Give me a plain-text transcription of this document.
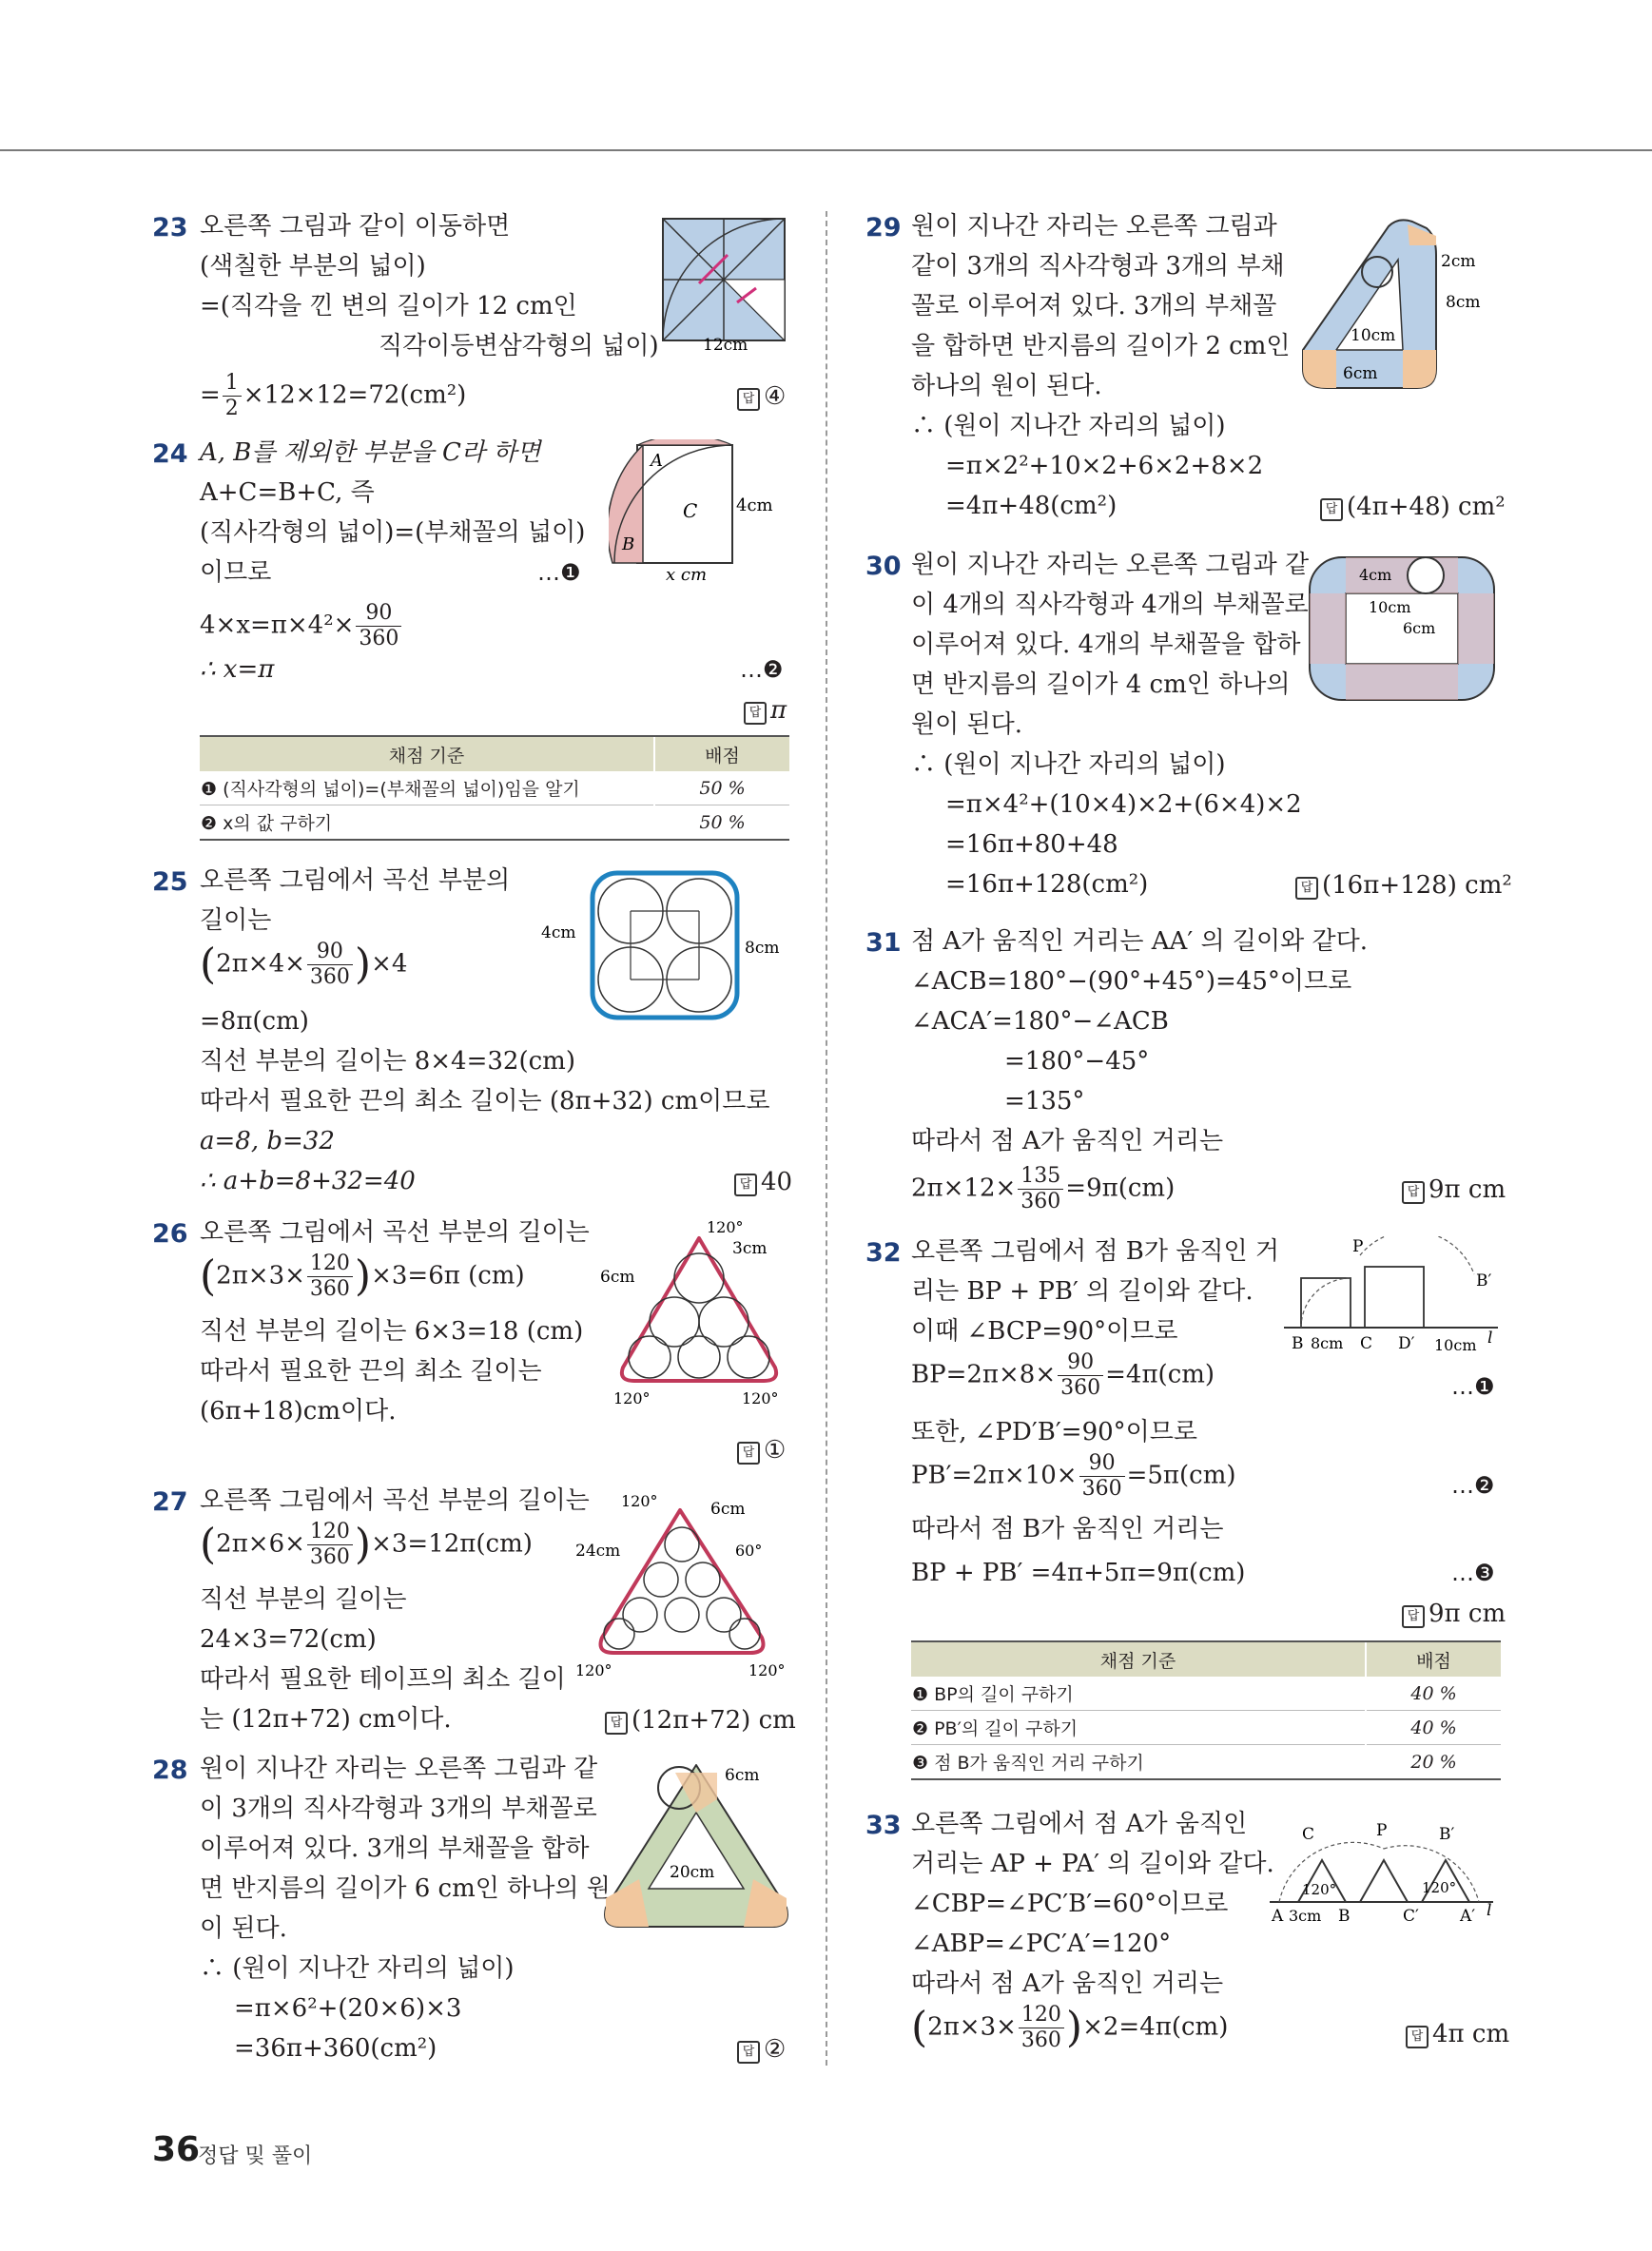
23 오른쪽 그림과 같이 이동하면
(색칠한 부분의 넓이)
=(직각을 낀 변의 길이가 12 cm인
직각이등변삼각형의 넓이)
= $\frac{1}{2} \times 12\times 12=72(cm^2)$	답 ④
12cm
24 A, B를 제외한 부분을 C라 하면
A+C=B+C, 즉
(직사각형의 넓이)=(부채꼴의 넓이)
이므로	…❶
$4\times x=\pi\times 4^2\times \frac{90}{360}$
∴ x=π	…❷
답 π
A
B
C 4cm
x cm
채점 기준	배점
❶ (직사각형의 넓이)=(부채꼴의 넓이)임을 알기	50 %
❷ x의 값 구하기	50 %
25 오른쪽 그림에서 곡선 부분의
길이는
$(2\pi\times 4\times \frac{90}{360} )\times 4$
=8π(cm)
직선 부분의 길이는 8×4=32(cm)
따라서 필요한 끈의 최소 길이는 (8π+32) cm이므로
a=8, b=32
∴ a+b=8+32=40	답 40
4cm
8cm
26 오른쪽 그림에서 곡선 부분의 길이는
$(2\pi\times 3\times \frac{120}{360} )\times 3=6\pi$ (cm)
직선 부분의 길이는 6×3=18 (cm)
따라서 필요한 끈의 최소 길이는
(6π+18)cm이다.
답 ①
120°
3cm
6cm
120°	120°
27 오른쪽 그림에서 곡선 부분의 길이는
$(2\pi\times 6\times \frac{120}{360} )\times 3=12\pi(cm)$
직선 부분의 길이는
24×3=72(cm)
따라서 필요한 테이프의 최소 길이
는 (12π+72) cm이다.	답 (12π+72) cm
120°	6cm
24cm	60°
120°	120°
28 원이 지나간 자리는 오른쪽 그림과 같
이 3개의 직사각형과 3개의 부채꼴로
이루어져 있다. 3개의 부채꼴을 합하
면 반지름의 길이가 6 cm인 하나의 원
이 된다.
∴ (원이 지나간 자리의 넓이)
=π×6²+(20×6)×3
=36π+360(cm²)	답 ②
6cm
20cm
29 원이 지나간 자리는 오른쪽 그림과
같이 3개의 직사각형과 3개의 부채
꼴로 이루어져 있다. 3개의 부채꼴
을 합하면 반지름의 길이가 2 cm인
하나의 원이 된다.
∴ (원이 지나간 자리의 넓이)
=π×2²+10×2+6×2+8×2
=4π+48(cm²)	답 (4π+48) cm²
2cm
8cm
10cm
6cm
30 원이 지나간 자리는 오른쪽 그림과 같
이 4개의 직사각형과 4개의 부채꼴로
이루어져 있다. 4개의 부채꼴을 합하
면 반지름의 길이가 4 cm인 하나의
원이 된다.
∴ (원이 지나간 자리의 넓이)
=π×4²+(10×4)×2+(6×4)×2
=16π+80+48
=16π+128(cm²)	답 (16π+128) cm²
4cm
10cm
6cm
31 점 A가 움직인 거리는 AA′ 의 길이와 같다.
∠ACB=180°−(90°+45°)=45°이므로
∠ACA′=180°−∠ACB
=180°−45°
=135°
따라서 점 A가 움직인 거리는
$2\pi\times 12\times \frac{135}{360} =9\pi(cm)$	답 9π cm
32 오른쪽 그림에서 점 B가 움직인 거
리는 BP + PB′ 의 길이와 같다.
이때 ∠BCP=90°이므로
$BP=2\pi\times 8\times \frac{90}{360} =4\pi(cm)$	…❶
또한, ∠PD′B′=90°이므로
$PB'=2\pi\times 10\times \frac{90}{360} =5\pi(cm)$	…❷
따라서 점 B가 움직인 거리는
BP + PB′ =4π+5π=9π(cm)	…❸
답 9π cm
P
B′
B 8cm C D′ 10cm l
채점 기준	배점
❶ BP의 길이 구하기	40 %
❷ PB′의 길이 구하기	40 %
❸ 점 B가 움직인 거리 구하기	20 %
33 오른쪽 그림에서 점 A가 움직인
거리는 AP + PA′ 의 길이와 같다.
∠CBP=∠PC′B′=60°이므로
∠ABP=∠PC′A′=120°
따라서 점 A가 움직인 거리는
$(2\pi\times 3\times \frac{120}{360} )\times 2=4\pi(cm)$	답 4π cm
C	P	B′
120°	120°
A 3cm B	C′	A′ l
36
정답 및 풀이
